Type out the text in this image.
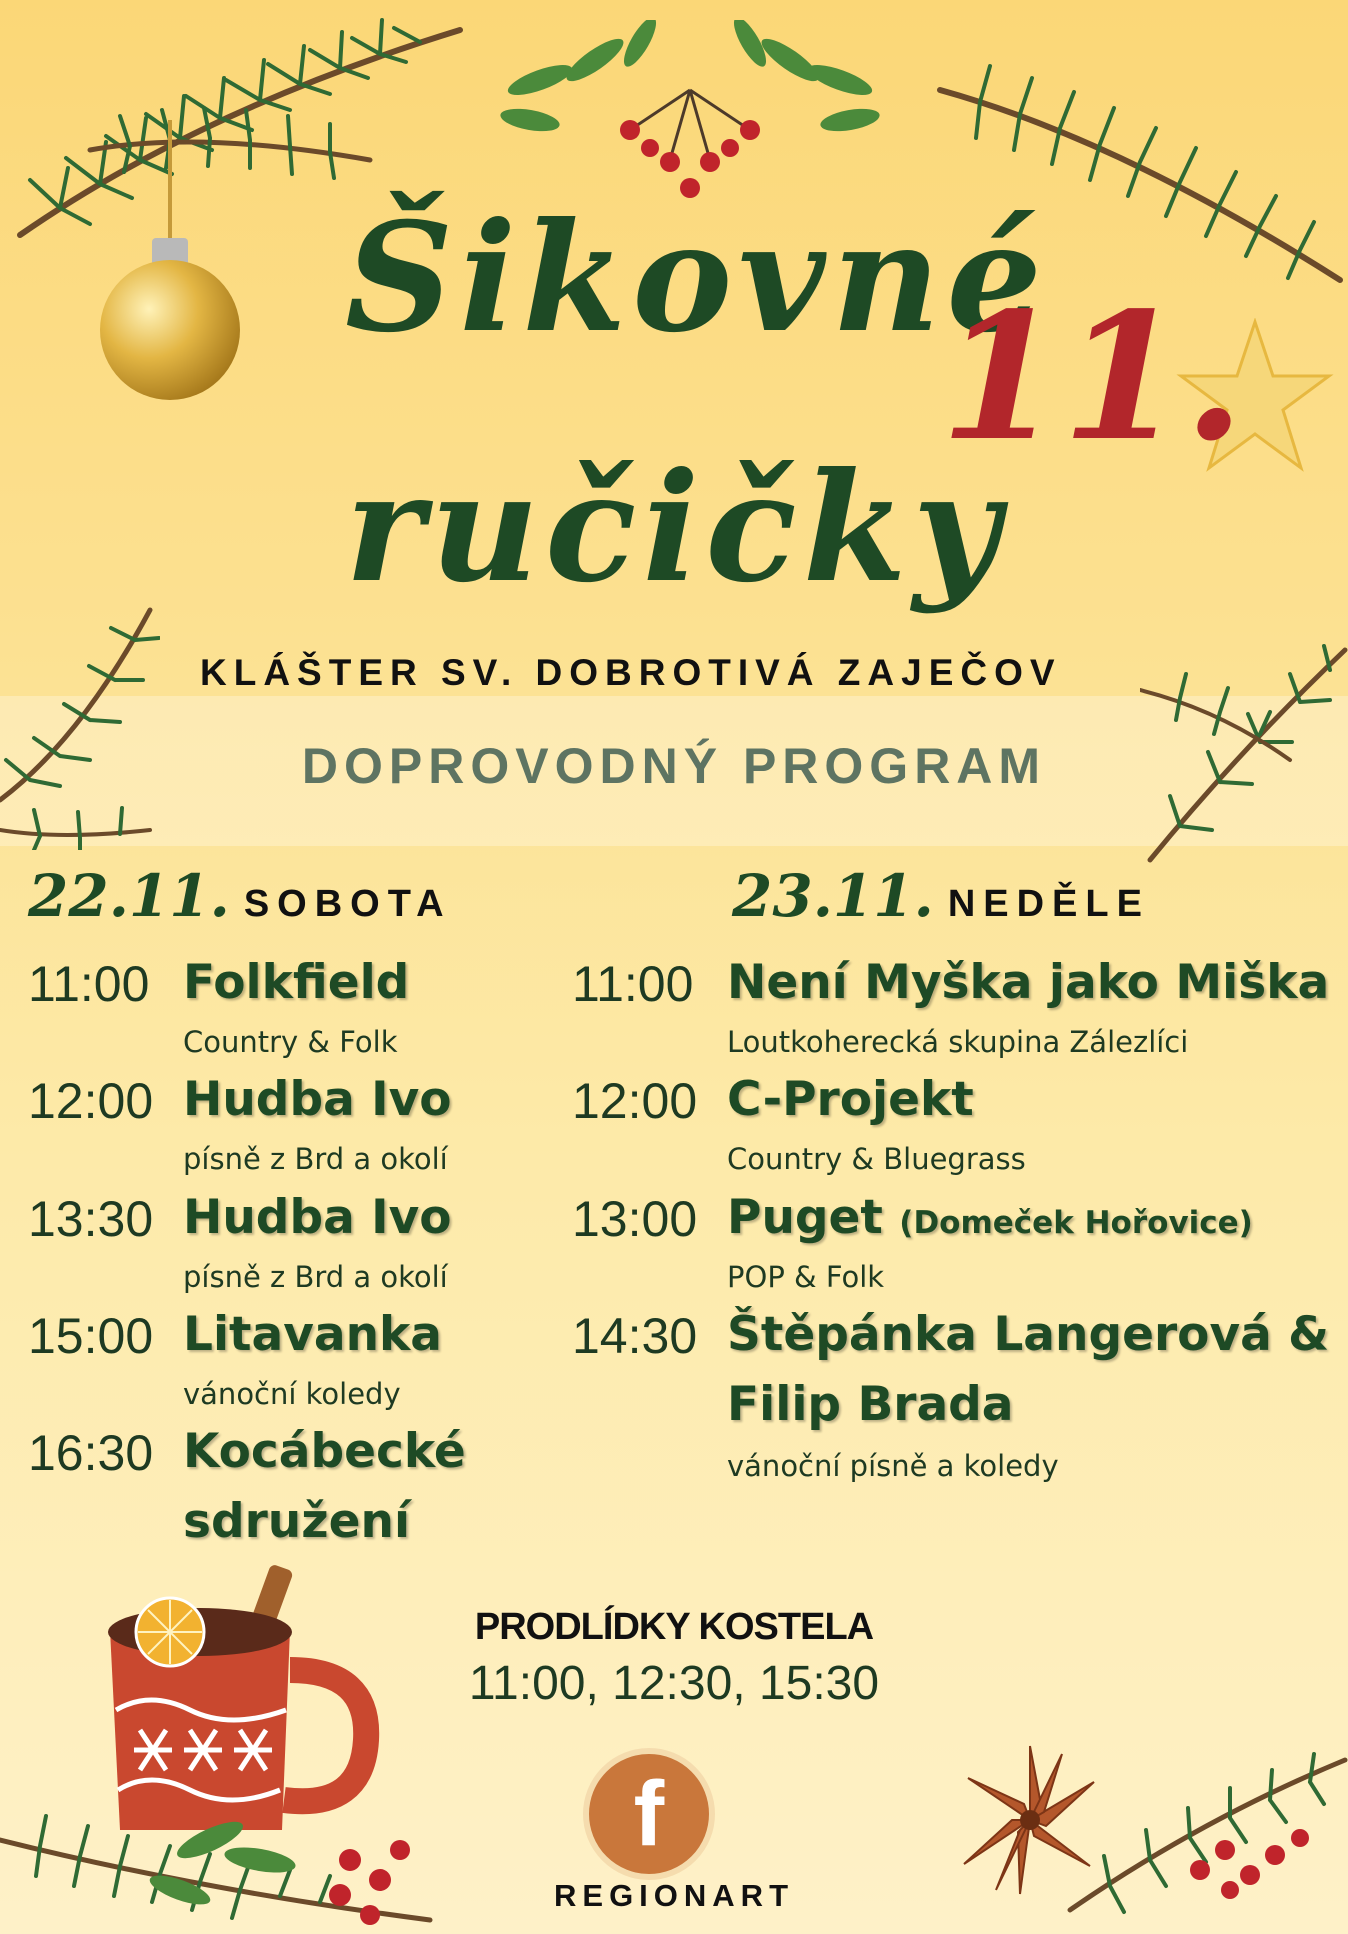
Šikovné
ručičky
11.
KLÁŠTER SV. DOBROTIVÁ ZAJEČOV
DOPROVODNÝ PROGRAM
22.11. SOBOTA
11:00 Folkfield
Country & Folk
12:00 Hudba Ivo
písně z Brd a okolí
13:30 Hudba Ivo
písně z Brd a okolí
15:00 Litavanka
vánoční koledy
16:30 Kocábecké
sdružení
23.11. NEDĚLE
11:00 Není Myška jako Miška
Loutkoherecká skupina Zálezlíci
12:00 C-Projekt
Country & Bluegrass
13:00 Puget (Domeček Hořovice)
POP & Folk
14:30 Štěpánka Langerová &
Filip Brada
vánoční písně a koledy
PRODLÍDKY KOSTELA
11:00, 12:30, 15:30
f
REGIONART
